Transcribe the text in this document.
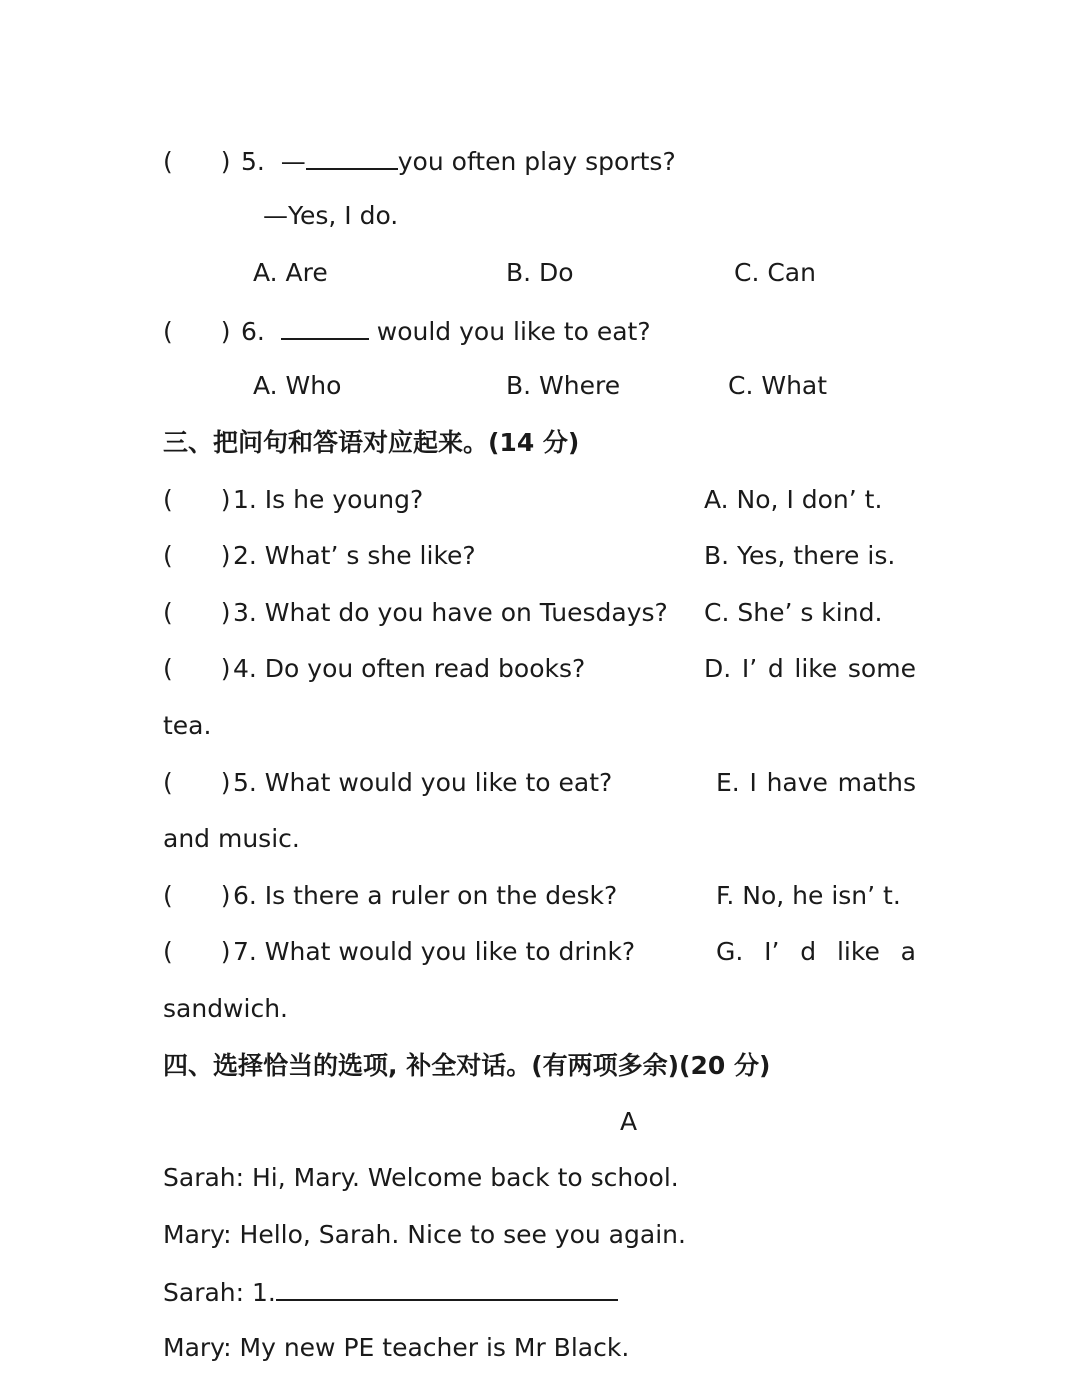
( ) 5. —	you often play sports?
—Yes, I do.
A. Are	B. Do	C. Can
( ) 6.	would you like to eat?
A. Who	B. Where	C. What
三、把问句和答语对应起来。(14 分)
( )1. Is he young?	A. No, I don’ t.
( )2. What’ s she like?	B. Yes, there is.
( )3. What do you have on Tuesdays? C. She’ s kind.
( )4. Do you often read books?	D. I’ d like some
tea.
( )5. What would you like to eat?	E. I have maths
and music.
( )6. Is there a ruler on the desk?	F. No, he isn’ t.
( )7. What would you like to drink?	G. I’ d like a
sandwich.
四、选择恰当的选项, 补全对话。(有两项多余)(20 分)
A
Sarah: Hi, Mary. Welcome back to school.
Mary: Hello, Sarah. Nice to see you again.
Sarah: 1.
Mary: My new PE teacher is Mr Black.
